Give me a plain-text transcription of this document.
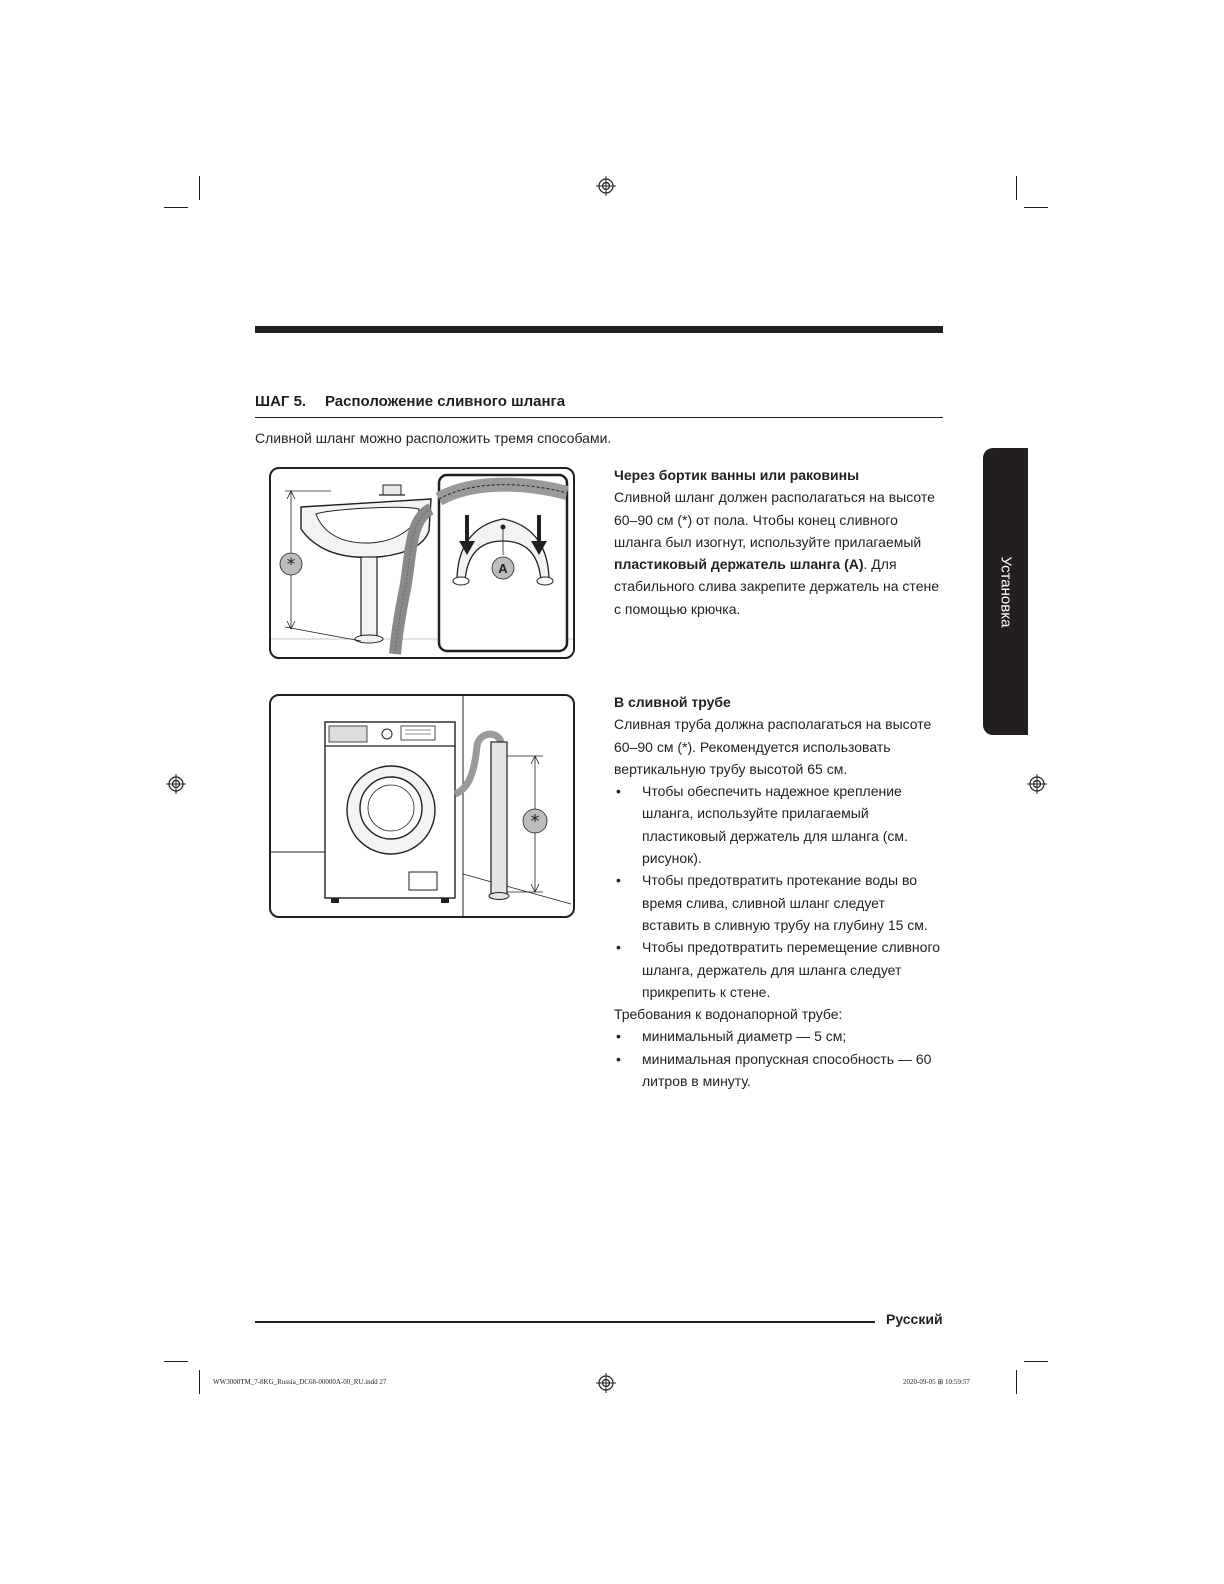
ШАГ 5. Расположение сливного шланга
Сливной шланг можно расположить тремя способами.
*	A
*

Через бортик ванны или раковины

Сливной шланг должен располагаться на высоте 60–90 см (*) от пола. Чтобы конец сливного шланга был изогнут, используйте прилагаемый пластиковый держатель шланга (A). Для стабильного слива закрепите держатель на стене с помощью крючка.

В сливной трубе

Сливная труба должна располагаться на высоте 60–90 см (*). Рекомендуется использовать вертикальную трубу высотой 65 см.

• Чтобы обеспечить надежное крепление шланга, используйте прилагаемый пластиковый держатель для шланга (см. рисунок).
• Чтобы предотвратить протекание воды во время слива, сливной шланг следует вставить в сливную трубу на глубину 15 см.
• Чтобы предотвратить перемещение сливного шланга, держатель для шланга следует прикрепить к стене.

Требования к водонапорной трубе:

• минимальный диаметр — 5 см;
• минимальная пропускная способность — 60 литров в минуту.
Установка
Русский
WW3000TM_7-8KG_Russia_DC68-00000A-00_RU.indd 27	2020-09-05 ⊞ 10:59:57
